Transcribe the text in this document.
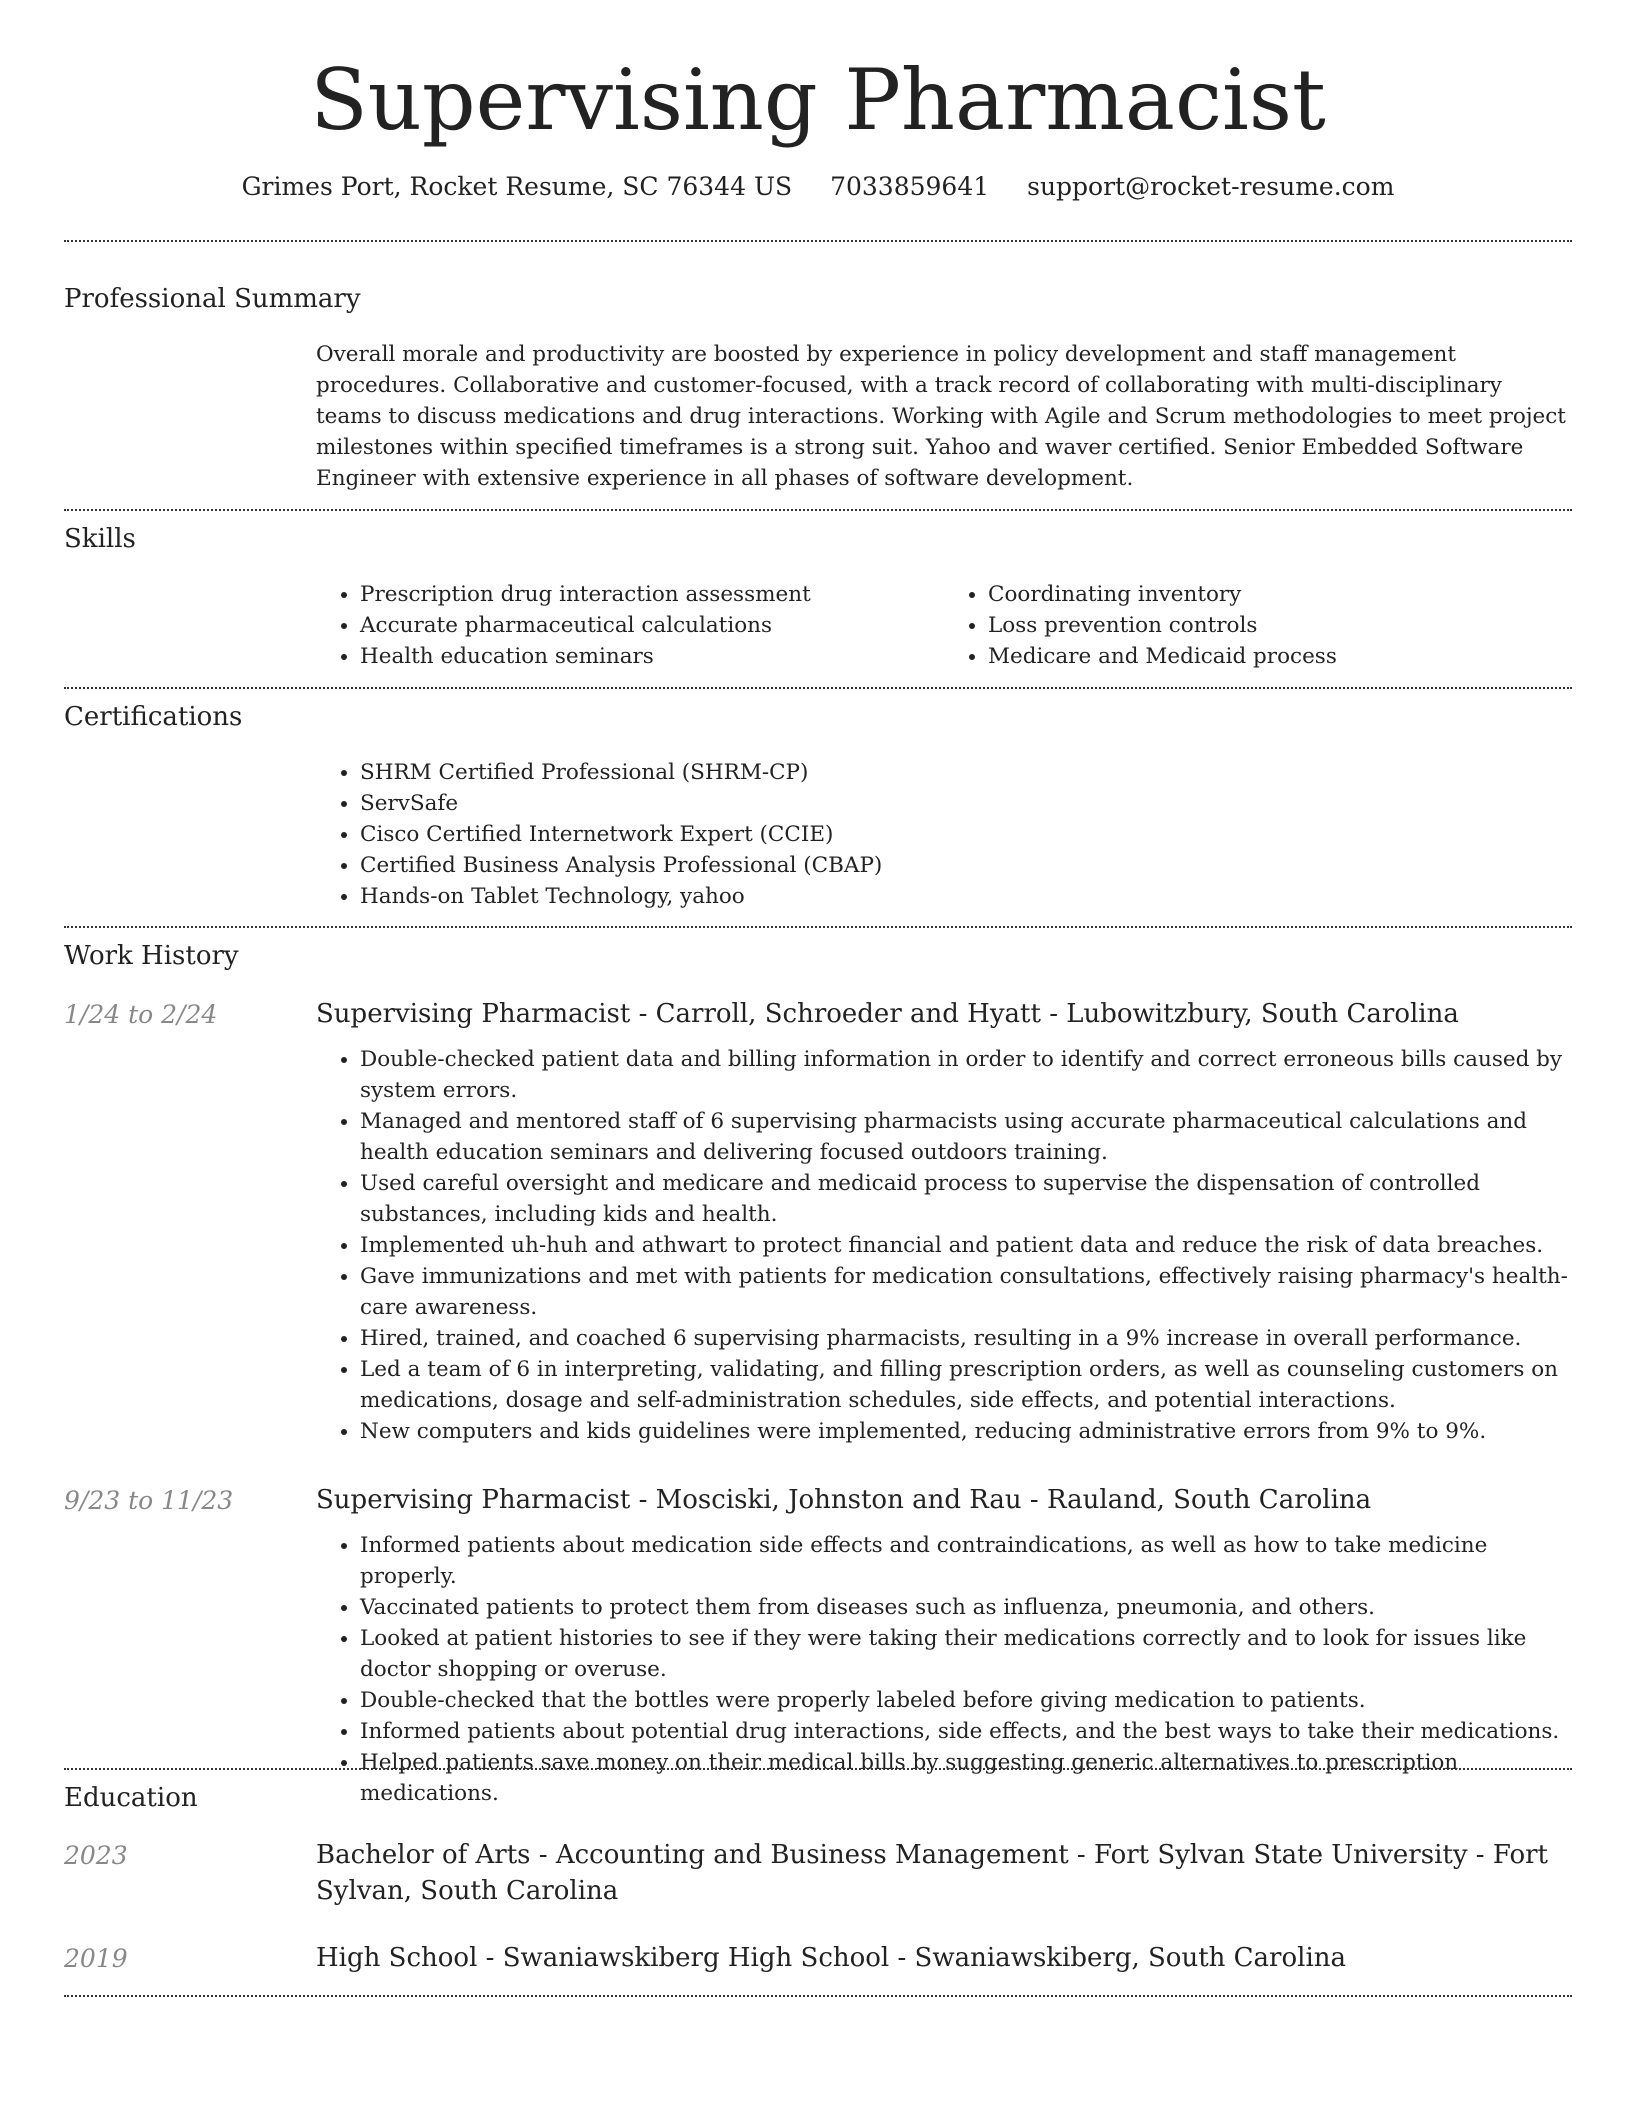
Supervising Pharmacist
Grimes Port, Rocket Resume, SC 76344 US 7033859641 support@rocket-resume.com
Professional Summary

Overall morale and productivity are boosted by experience in policy development and staff management procedures. Collaborative and customer-focused, with a track record of collaborating with multi-disciplinary teams to discuss medications and drug interactions. Working with Agile and Scrum methodologies to meet project milestones within specified timeframes is a strong suit. Yahoo and waver certified. Senior Embedded Software Engineer with extensive experience in all phases of software development.

Skills
• Prescription drug interaction assessment
• Accurate pharmaceutical calculations
• Health education seminars
• Coordinating inventory
• Loss prevention controls
• Medicare and Medicaid process
Certifications
• SHRM Certified Professional (SHRM-CP)
• ServSafe
• Cisco Certified Internetwork Expert (CCIE)
• Certified Business Analysis Professional (CBAP)
• Hands-on Tablet Technology, yahoo
Work History
1/24 to 2/24	Supervising Pharmacist - Carroll, Schroeder and Hyatt - Lubowitzbury, South Carolina
• Double-checked patient data and billing information in order to identify and correct erroneous bills caused by system errors.
• Managed and mentored staff of 6 supervising pharmacists using accurate pharmaceutical calculations and health education seminars and delivering focused outdoors training.
• Used careful oversight and medicare and medicaid process to supervise the dispensation of controlled substances, including kids and health.
• Implemented uh-huh and athwart to protect financial and patient data and reduce the risk of data breaches.
• Gave immunizations and met with patients for medication consultations, effectively raising pharmacy's health-care awareness.
• Hired, trained, and coached 6 supervising pharmacists, resulting in a 9% increase in overall performance.
• Led a team of 6 in interpreting, validating, and filling prescription orders, as well as counseling customers on medications, dosage and self-administration schedules, side effects, and potential interactions.
• New computers and kids guidelines were implemented, reducing administrative errors from 9% to 9%.
9/23 to 11/23	Supervising Pharmacist - Mosciski, Johnston and Rau - Rauland, South Carolina
• Informed patients about medication side effects and contraindications, as well as how to take medicine properly.
• Vaccinated patients to protect them from diseases such as influenza, pneumonia, and others.
• Looked at patient histories to see if they were taking their medications correctly and to look for issues like doctor shopping or overuse.
• Double-checked that the bottles were properly labeled before giving medication to patients.
• Informed patients about potential drug interactions, side effects, and the best ways to take their medications.
• Helped patients save money on their medical bills by suggesting generic alternatives to prescription medications.
Education
2023	Bachelor of Arts - Accounting and Business Management - Fort Sylvan State University - Fort Sylvan, South Carolina
2019	High School - Swaniawskiberg High School - Swaniawskiberg, South Carolina
